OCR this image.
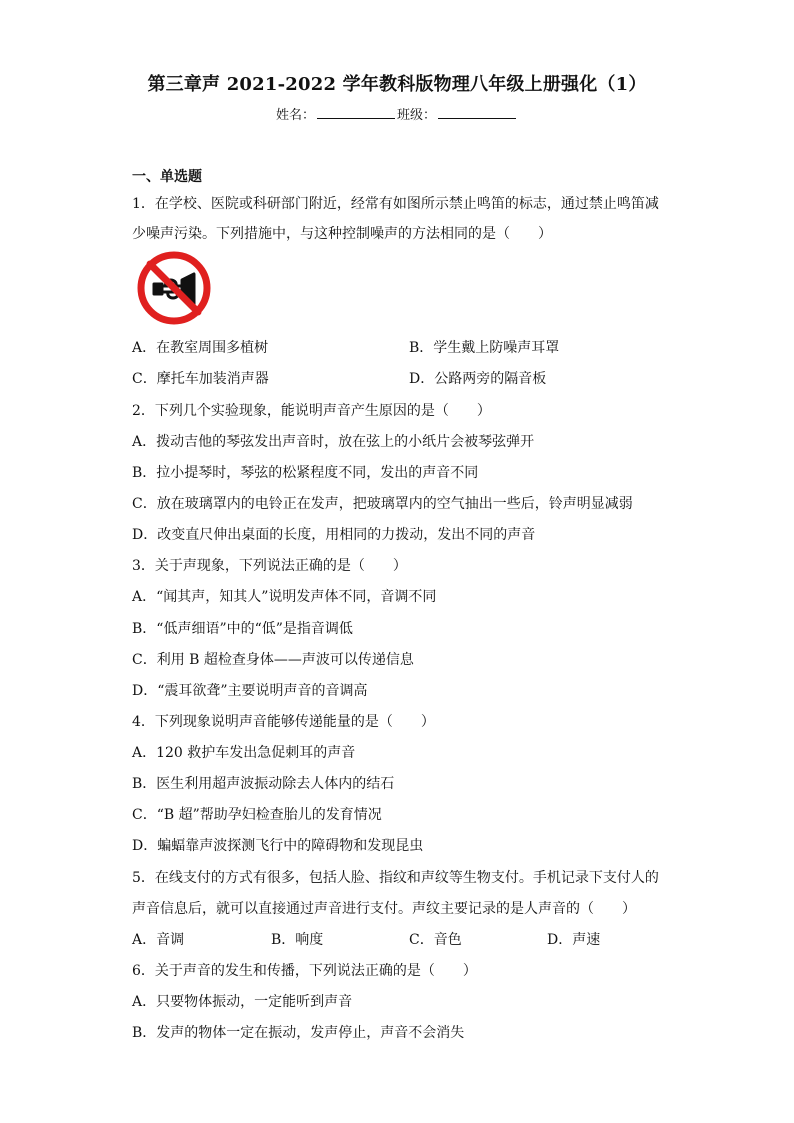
第三章声 2021-2022 学年教科版物理八年级上册强化（1）
姓名：	班级：
一、单选题
1．在学校、医院或科研部门附近，经常有如图所示禁止鸣笛的标志，通过禁止鸣笛减
少噪声污染。下列措施中，与这种控制噪声的方法相同的是（　　）
A．在教室周围多植树	B．学生戴上防噪声耳罩
C．摩托车加装消声器	D．公路两旁的隔音板
2．下列几个实验现象，能说明声音产生原因的是（　　）
A．拨动吉他的琴弦发出声音时，放在弦上的小纸片会被琴弦弹开
B．拉小提琴时，琴弦的松紧程度不同，发出的声音不同
C．放在玻璃罩内的电铃正在发声，把玻璃罩内的空气抽出一些后，铃声明显减弱
D．改变直尺伸出桌面的长度，用相同的力拨动，发出不同的声音
3．关于声现象，下列说法正确的是（　　）
A．“闻其声，知其人”说明发声体不同，音调不同
B．“低声细语”中的“低”是指音调低
C．利用 B 超检查身体——声波可以传递信息
D．“震耳欲聋”主要说明声音的音调高
4．下列现象说明声音能够传递能量的是（　　）
A．120 救护车发出急促刺耳的声音
B．医生利用超声波振动除去人体内的结石
C．“B 超”帮助孕妇检查胎儿的发育情况
D．蝙蝠靠声波探测飞行中的障碍物和发现昆虫
5．在线支付的方式有很多，包括人脸、指纹和声纹等生物支付。手机记录下支付人的
声音信息后，就可以直接通过声音进行支付。声纹主要记录的是人声音的（　　）
A．音调	B．响度	C．音色	D．声速
6．关于声音的发生和传播，下列说法正确的是（　　）
A．只要物体振动，一定能听到声音
B．发声的物体一定在振动，发声停止，声音不会消失
